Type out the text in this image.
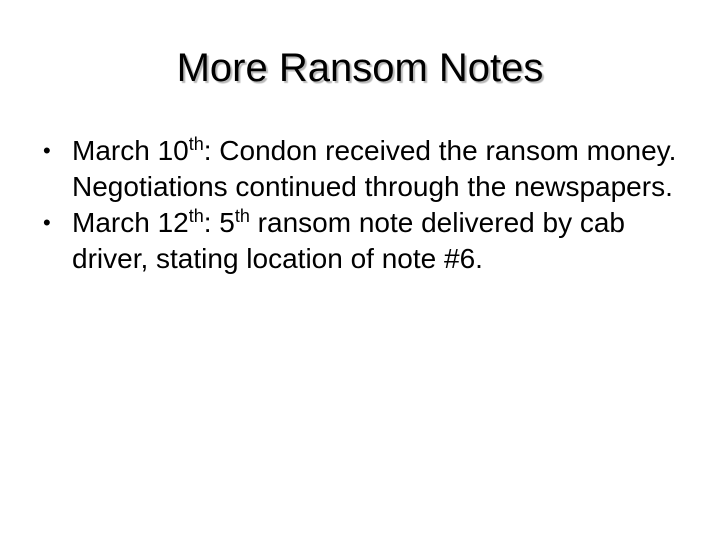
More Ransom Notes
• March 10th: Condon received the ransom money. Negotiations continued through the newspapers.
• March 12th: 5th ransom note delivered by cab driver, stating location of note #6.
